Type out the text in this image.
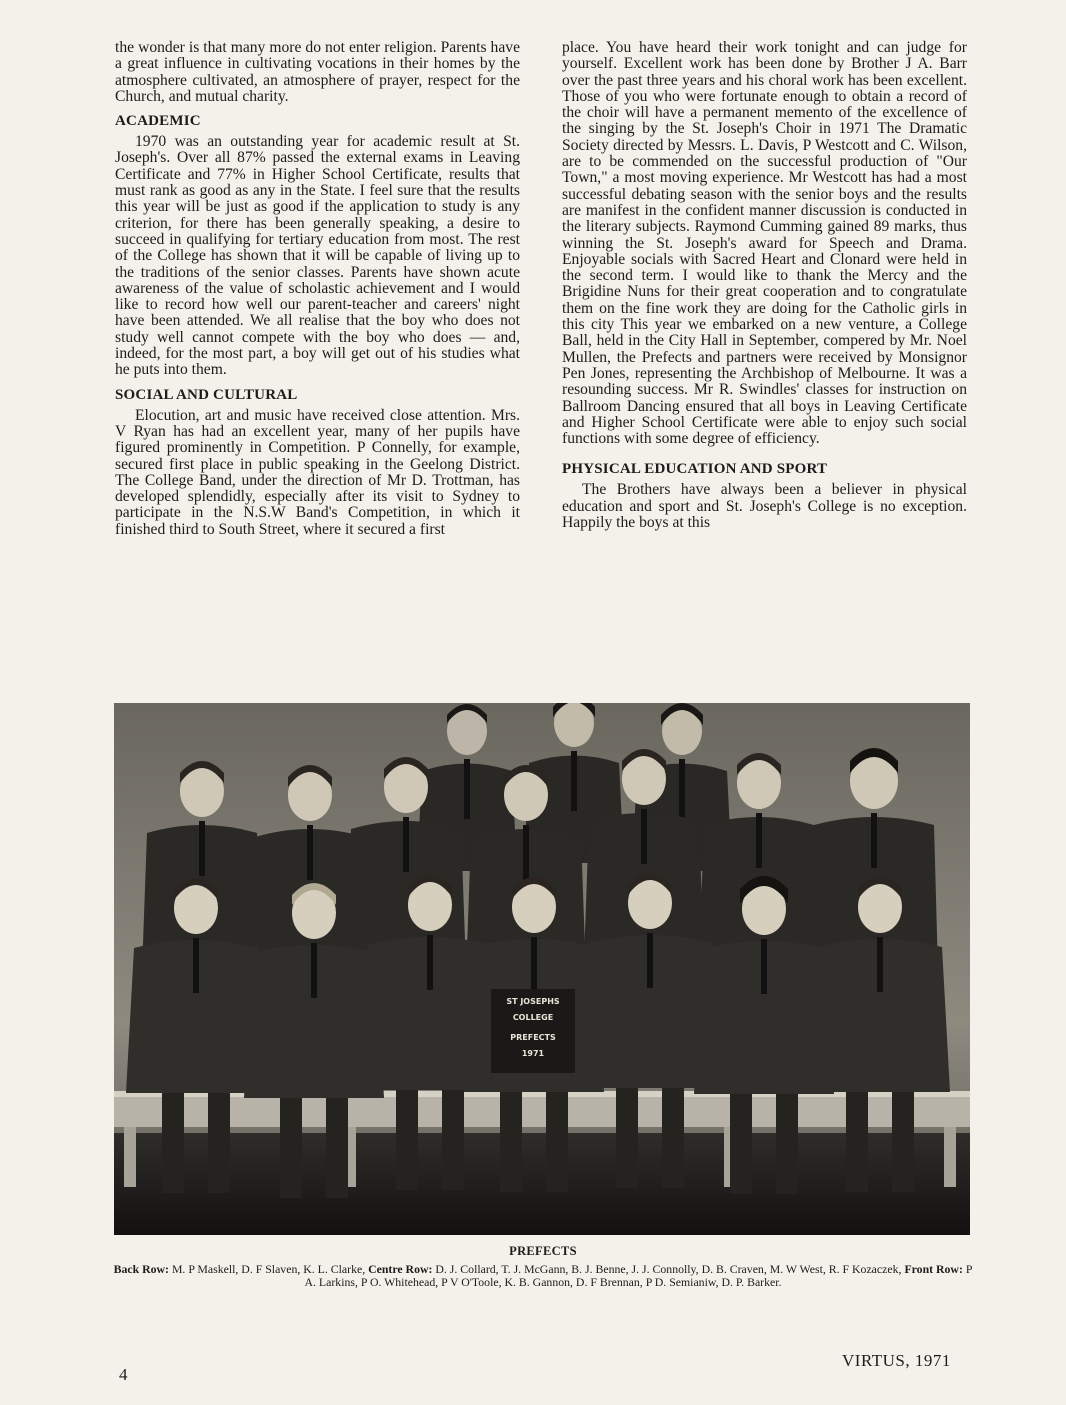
the wonder is that many more do not enter religion. Parents have a great influence in cultivating vocations in their homes by the atmosphere cultivated, an atmosphere of prayer, respect for the Church, and mutual charity.

ACADEMIC

1970 was an outstanding year for academic result at St. Joseph's. Over all 87% passed the external exams in Leaving Certificate and 77% in Higher School Certificate, results that must rank as good as any in the State. I feel sure that the results this year will be just as good if the application to study is any criterion, for there has been generally speaking, a desire to succeed in qualifying for tertiary education from most. The rest of the College has shown that it will be capable of living up to the traditions of the senior classes. Parents have shown acute awareness of the value of scholastic achievement and I would like to record how well our parent-teacher and careers' night have been attended. We all realise that the boy who does not study well cannot compete with the boy who does — and, indeed, for the most part, a boy will get out of his studies what he puts into them.

SOCIAL AND CULTURAL

Elocution, art and music have received close attention. Mrs. V Ryan has had an excellent year, many of her pupils have figured prominently in Competition. P Connelly, for example, secured first place in public speaking in the Geelong District. The College Band, under the direction of Mr D. Trottman, has developed splendidly, especially after its visit to Sydney to participate in the N.S.W Band's Competition, in which it finished third to South Street, where it secured a first

place. You have heard their work tonight and can judge for yourself. Excellent work has been done by Brother J A. Barr over the past three years and his choral work has been excellent. Those of you who were fortunate enough to obtain a record of the choir will have a permanent memento of the excellence of the singing by the St. Joseph's Choir in 1971 The Dramatic Society directed by Messrs. L. Davis, P Westcott and C. Wilson, are to be commended on the successful production of "Our Town," a most moving experience. Mr Westcott has had a most successful debating season with the senior boys and the results are manifest in the confident manner discussion is conducted in the literary subjects. Raymond Cumming gained 89 marks, thus winning the St. Joseph's award for Speech and Drama. Enjoyable socials with Sacred Heart and Clonard were held in the second term. I would like to thank the Mercy and the Brigidine Nuns for their great cooperation and to congratulate them on the fine work they are doing for the Catholic girls in this city This year we embarked on a new venture, a College Ball, held in the City Hall in September, compered by Mr. Noel Mullen, the Prefects and partners were received by Monsignor Pen Jones, representing the Archbishop of Melbourne. It was a resounding success. Mr R. Swindles' classes for instruction on Ballroom Dancing ensured that all boys in Leaving Certificate and Higher School Certificate were able to enjoy such social functions with some degree of efficiency.

PHYSICAL EDUCATION AND SPORT

The Brothers have always been a believer in physical education and sport and St. Joseph's College is no exception. Happily the boys at this

ST JOSEPHS
COLLEGE
PREFECTS
1971
PREFECTS
Back Row: M. P Maskell, D. F Slaven, K. L. Clarke, Centre Row: D. J. Collard, T. J. McGann, B. J. Benne, J. J. Connolly, D. B. Craven, M. W West, R. F Kozaczek, Front Row: P A. Larkins, P O. Whitehead, P V O'Toole, K. B. Gannon, D. F Brennan, P D. Semianiw, D. P. Barker.
4
VIRTUS, 1971
